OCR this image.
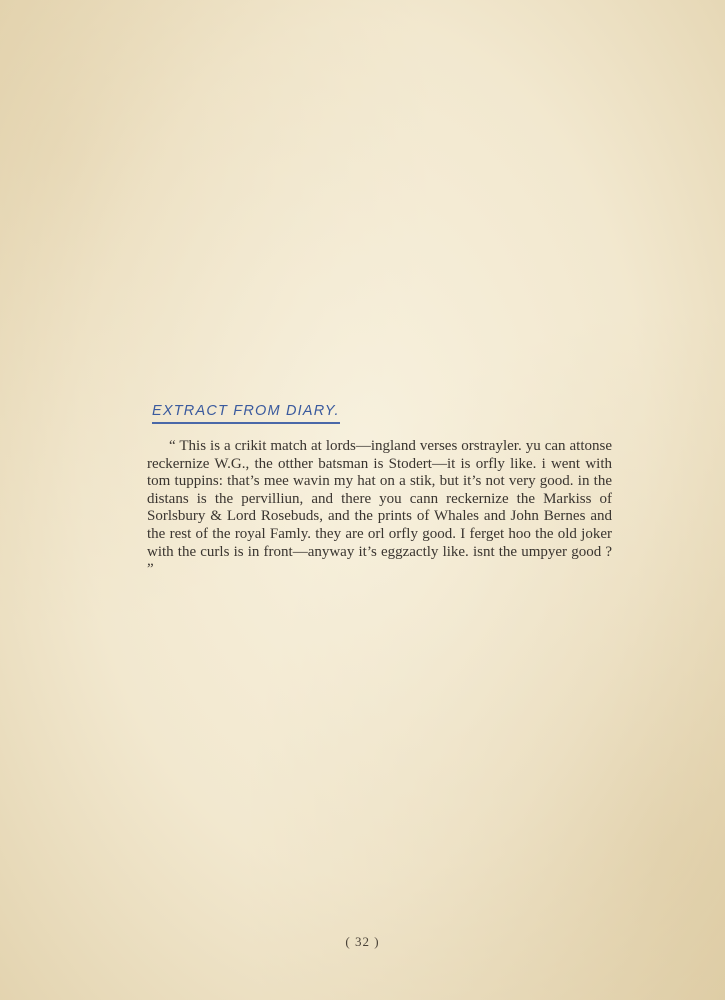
EXTRACT FROM DIARY.

“ This is a crikit match at lords—ingland verses orstrayler. yu can attonse reckernize W.G., the otther batsman is Stodert—it is orfly like. i went with tom tuppins: that’s mee wavin my hat on a stik, but it’s not very good. in the distans is the pervilliun, and there you cann reckernize the Markiss of Sorlsbury & Lord Rosebuds, and the prints of Whales and John Bernes and the rest of the royal Famly. they are orl orfly good. I ferget hoo the old joker with the curls is in front—anyway it’s eggzactly like. isnt the umpyer good ? ”

( 32 )
